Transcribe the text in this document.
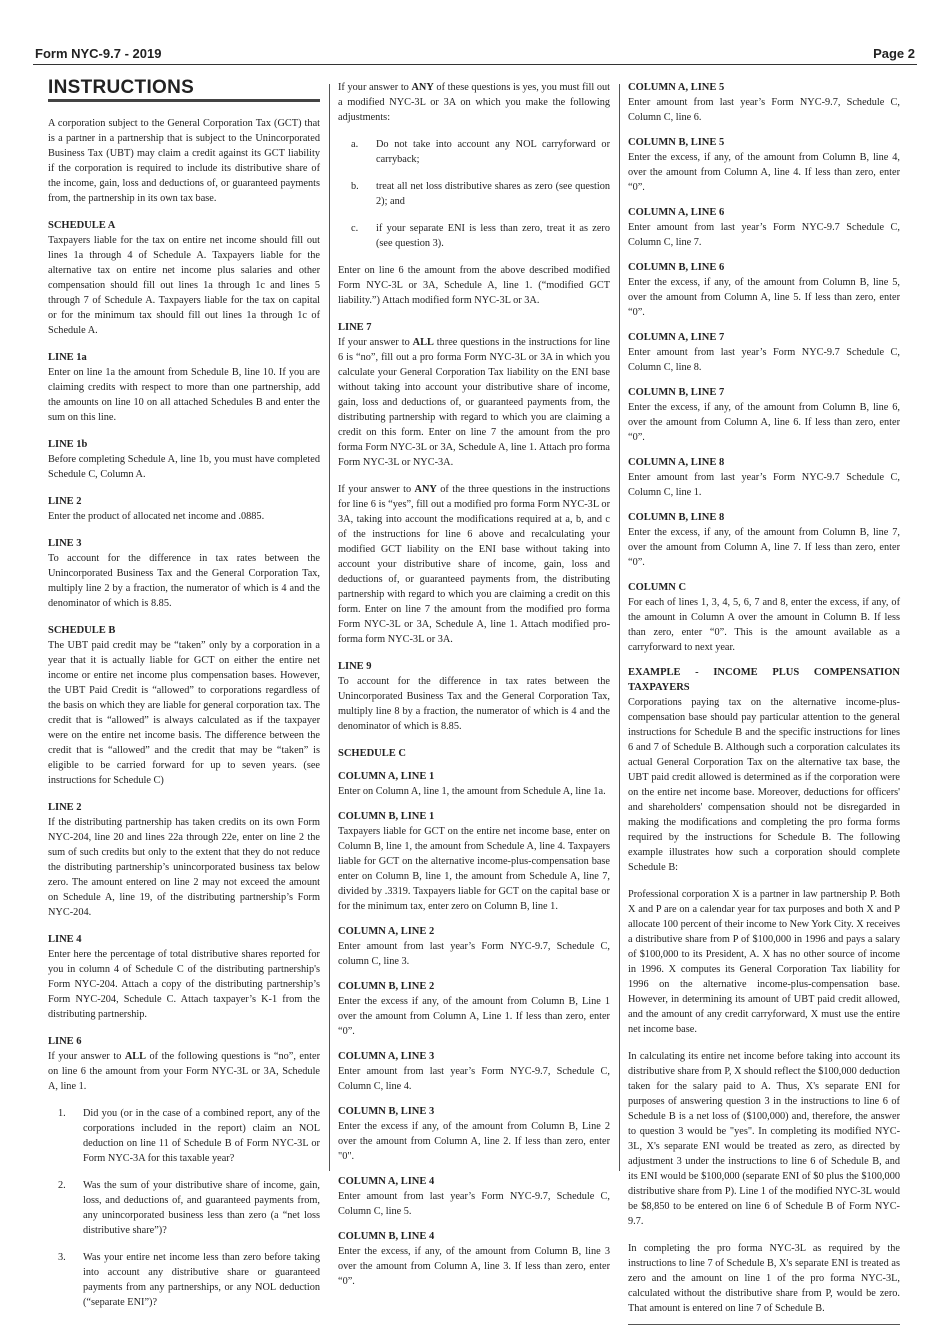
Form NYC-9.7 - 2019	Page 2
INSTRUCTIONS

A corporation subject to the General Corporation Tax (GCT) that is a partner in a partnership that is subject to the Unincorporated Business Tax (UBT) may claim a credit against its GCT liability if the corporation is required to include its distributive share of the income, gain, loss and deductions of, or guaranteed payments from, the partnership in its own tax base.

SCHEDULE A

Taxpayers liable for the tax on entire net income should fill out lines 1a through 4 of Schedule A. Taxpayers liable for the alternative tax on entire net income plus salaries and other compensation should fill out lines 1a through 1c and lines 5 through 7 of Schedule A. Taxpayers liable for the tax on capital or for the minimum tax should fill out lines 1a through 1c of Schedule A.

LINE 1a

Enter on line 1a the amount from Schedule B, line 10. If you are claiming credits with respect to more than one partnership, add the amounts on line 10 on all attached Schedules B and enter the sum on this line.

LINE 1b

Before completing Schedule A, line 1b, you must have completed Schedule C, Column A.

LINE 2

Enter the product of allocated net income and .0885.

LINE 3

To account for the difference in tax rates between the Unincorporated Business Tax and the General Corporation Tax, multiply line 2 by a fraction, the numerator of which is 4 and the denominator of which is 8.85.

SCHEDULE B

The UBT paid credit may be “taken” only by a corporation in a year that it is actually liable for GCT on either the entire net income or entire net income plus compensation bases. However, the UBT Paid Credit is “allowed” to corporations regardless of the basis on which they are liable for general corporation tax. The credit that is “allowed” is always calculated as if the taxpayer were on the entire net income basis. The difference between the credit that is “allowed” and the credit that may be “taken” is eligible to be carried forward for up to seven years. (see instructions for Schedule C)

LINE 2

If the distributing partnership has taken credits on its own Form NYC-204, line 20 and lines 22a through 22e, enter on line 2 the sum of such credits but only to the extent that they do not reduce the distributing partnership’s unincorporated business tax below zero. The amount entered on line 2 may not exceed the amount on Schedule A, line 19, of the distributing partnership’s Form NYC-204.

LINE 4

Enter here the percentage of total distributive shares reported for you in column 4 of Schedule C of the distributing partnership's Form NYC-204. Attach a copy of the distributing partnership’s Form NYC-204, Schedule C. Attach taxpayer’s K-1 from the distributing partnership.

LINE 6

If your answer to ALL of the following questions is “no”, enter on line 6 the amount from your Form NYC-3L or 3A, Schedule A, line 1.

1. Did you (or in the case of a combined report, any of the corporations included in the report) claim an NOL deduction on line 11 of Schedule B of Form NYC-3L or Form NYC-3A for this taxable year?
2. Was the sum of your distributive share of income, gain, loss, and deductions of, and guaranteed payments from, any unincorporated business less than zero (a “net loss distributive share”)?
3. Was your entire net income less than zero before taking into account any distributive share or guaranteed payments from any partnerships, or any NOL deduction (“separate ENI”)?

If your answer to ANY of these questions is yes, you must fill out a modified NYC-3L or 3A on which you make the following adjustments:

a. Do not take into account any NOL carryforward or carryback;
b. treat all net loss distributive shares as zero (see question 2); and
c. if your separate ENI is less than zero, treat it as zero (see question 3).

Enter on line 6 the amount from the above described modified Form NYC-3L or 3A, Schedule A, line 1. (“modified GCT liability.”) Attach modified form NYC-3L or 3A.

LINE 7

If your answer to ALL three questions in the instructions for line 6 is “no”, fill out a pro forma Form NYC-3L or 3A in which you calculate your General Corporation Tax liability on the ENI base without taking into account your distributive share of income, gain, loss and deductions of, or guaranteed payments from, the distributing partnership with regard to which you are claiming a credit on this form. Enter on line 7 the amount from the pro forma Form NYC-3L or 3A, Schedule A, line 1. Attach pro forma Form NYC-3L or NYC-3A.

If your answer to ANY of the three questions in the instructions for line 6 is “yes”, fill out a modified pro forma Form NYC-3L or 3A, taking into account the modifications required at a, b, and c of the instructions for line 6 above and recalculating your modified GCT liability on the ENI base without taking into account your distributive share of income, gain, loss and deductions of, or guaranteed payments from, the distributing partnership with regard to which you are claiming a credit on this form. Enter on line 7 the amount from the modified pro forma Form NYC-3L or 3A, Schedule A, line 1. Attach modified pro-forma form NYC-3L or 3A.

LINE 9

To account for the difference in tax rates between the Unincorporated Business Tax and the General Corporation Tax, multiply line 8 by a fraction, the numerator of which is 4 and the denominator of which is 8.85.

SCHEDULE C
COLUMN A, LINE 1

Enter on Column A, line 1, the amount from Schedule A, line 1a.

COLUMN B, LINE 1

Taxpayers liable for GCT on the entire net income base, enter on Column B, line 1, the amount from Schedule A, line 4. Taxpayers liable for GCT on the alternative income-plus-compensation base enter on Column B, line 1, the amount from Schedule A, line 7, divided by .3319. Taxpayers liable for GCT on the capital base or for the minimum tax, enter zero on Column B, line 1.

COLUMN A, LINE 2

Enter amount from last year’s Form NYC-9.7, Schedule C, column C, line 3.

COLUMN B, LINE 2

Enter the excess if any, of the amount from Column B, Line 1 over the amount from Column A, Line 1. If less than zero, enter “0”.

COLUMN A, LINE 3

Enter amount from last year’s Form NYC-9.7, Schedule C, Column C, line 4.

COLUMN B, LINE 3

Enter the excess if any, of the amount from Column B, Line 2 over the amount from Column A, line 2. If less than zero, enter "0".

COLUMN A, LINE 4

Enter amount from last year’s Form NYC-9.7, Schedule C, Column C, line 5.

COLUMN B, LINE 4

Enter the excess, if any, of the amount from Column B, line 3 over the amount from Column A, line 3. If less than zero, enter “0”.

COLUMN A, LINE 5

Enter amount from last year’s Form NYC-9.7, Schedule C, Column C, line 6.

COLUMN B, LINE 5

Enter the excess, if any, of the amount from Column B, line 4, over the amount from Column A, line 4. If less than zero, enter “0”.

COLUMN A, LINE 6

Enter amount from last year’s Form NYC-9.7 Schedule C, Column C, line 7.

COLUMN B, LINE 6

Enter the excess, if any, of the amount from Column B, line 5, over the amount from Column A, line 5. If less than zero, enter “0”.

COLUMN A, LINE 7

Enter amount from last year’s Form NYC-9.7 Schedule C, Column C, line 8.

COLUMN B, LINE 7

Enter the excess, if any, of the amount from Column B, line 6, over the amount from Column A, line 6. If less than zero, enter “0”.

COLUMN A, LINE 8

Enter amount from last year’s Form NYC-9.7 Schedule C, Column C, line 1.

COLUMN B, LINE 8

Enter the excess, if any, of the amount from Column B, line 7, over the amount from Column A, line 7. If less than zero, enter “0”.

COLUMN C

For each of lines 1, 3, 4, 5, 6, 7 and 8, enter the excess, if any, of the amount in Column A over the amount in Column B. If less than zero, enter “0”. This is the amount available as a carryforward to next year.

EXAMPLE - INCOME PLUS COMPENSATION TAXPAYERS

Corporations paying tax on the alternative income-plus- compensation base should pay particular attention to the general instructions for Schedule B and the specific instructions for lines 6 and 7 of Schedule B. Although such a corporation calculates its actual General Corporation Tax on the alternative tax base, the UBT paid credit allowed is determined as if the corporation were on the entire net income base. Moreover, deductions for officers' and shareholders' compensation should not be disregarded in making the modifications and completing the pro forma forms required by the instructions for Schedule B. The following example illustrates how such a corporation should complete Schedule B:

Professional corporation X is a partner in law partnership P. Both X and P are on a calendar year for tax purposes and both X and P allocate 100 percent of their income to New York City. X receives a distributive share from P of $100,000 in 1996 and pays a salary of $100,000 to its President, A. X has no other source of income in 1996. X computes its General Corporation Tax liability for 1996 on the alternative income-plus-compensation base. However, in determining its amount of UBT paid credit allowed, and the amount of any credit carryforward, X must use the entire net income base.

In calculating its entire net income before taking into account its distributive share from P, X should reflect the $100,000 deduction taken for the salary paid to A. Thus, X's separate ENI for purposes of answering question 3 in the instructions to line 6 of Schedule B is a net loss of ($100,000) and, therefore, the answer to question 3 would be "yes". In completing its modified NYC-3L, X's separate ENI would be treated as zero, as directed by adjustment 3 under the instructions to line 6 of Schedule B, and its ENI would be $100,000 (separate ENI of $0 plus the $100,000 distributive share from P). Line 1 of the modified NYC-3L would be $8,850 to be entered on line 6 of Schedule B of Form NYC-9.7.

In completing the pro forma NYC-3L as required by the instructions to line 7 of Schedule B, X's separate ENI is treated as zero and the amount on line 1 of the pro forma NYC-3L, calculated without the distributive share from P, would be zero. That amount is entered on line 7 of Schedule B.
